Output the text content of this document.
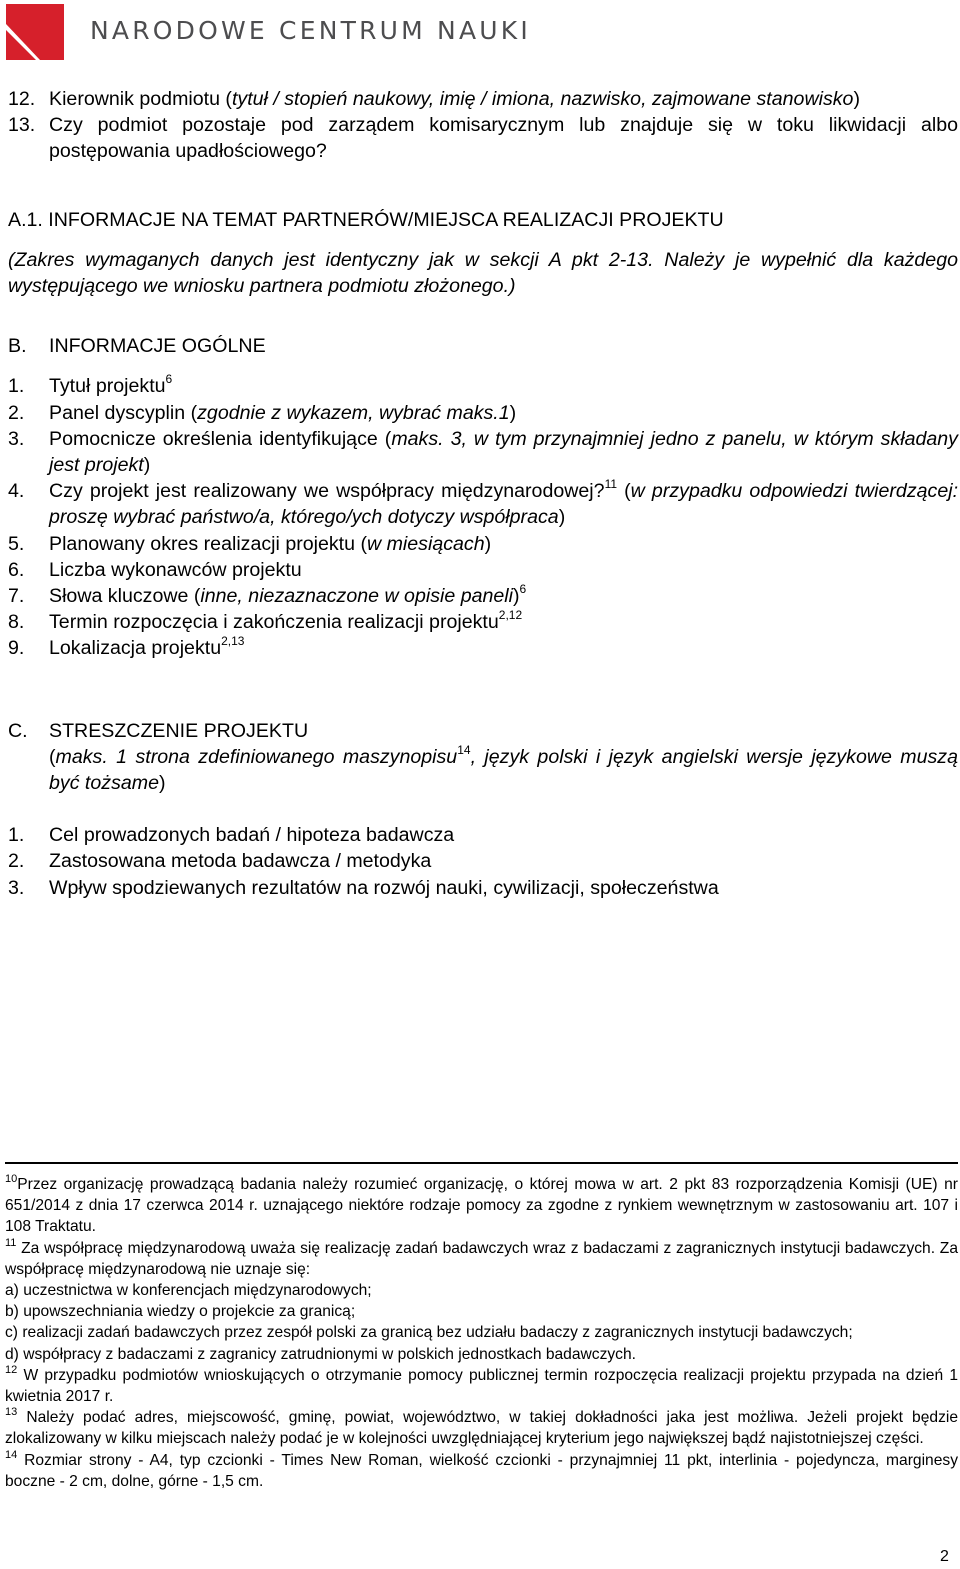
NARODOWE CENTRUM NAUKI
12. Kierownik podmiotu (tytuł / stopień naukowy, imię / imiona, nazwisko, zajmowane stanowisko)
13. Czy podmiot pozostaje pod zarządem komisarycznym lub znajduje się w toku likwidacji albo postępowania upadłościowego?
A.1. INFORMACJE NA TEMAT PARTNERÓW/MIEJSCA REALIZACJI PROJEKTU
(Zakres wymaganych danych jest identyczny jak w sekcji A pkt 2-13. Należy je wypełnić dla każdego występującego we wniosku partnera podmiotu złożonego.)
B. INFORMACJE OGÓLNE
1. Tytuł projektu$^6$
2. Panel dyscyplin (zgodnie z wykazem, wybrać maks.1)
3. Pomocnicze określenia identyfikujące (maks. 3, w tym przynajmniej jedno z panelu, w którym składany jest projekt)
4. Czy projekt jest realizowany we współpracy międzynarodowej?$^{11}$ (w przypadku odpowiedzi twierdzącej: proszę wybrać państwo/a, którego/ych dotyczy współpraca)
5. Planowany okres realizacji projektu (w miesiącach)
6. Liczba wykonawców projektu
7. Słowa kluczowe (inne, niezaznaczone w opisie paneli)$^6$
8. Termin rozpoczęcia i zakończenia realizacji projektu$^{2,12}$
9. Lokalizacja projektu$^{2,13}$
C. STRESZCZENIE PROJEKTU
(maks. 1 strona zdefiniowanego maszynopisu$^{14}$, język polski i język angielski wersje językowe muszą być tożsame)
1. Cel prowadzonych badań / hipoteza badawcza
2. Zastosowana metoda badawcza / metodyka
3. Wpływ spodziewanych rezultatów na rozwój nauki, cywilizacji, społeczeństwa
$^{10}$Przez organizację prowadzącą badania należy rozumieć organizację, o której mowa w art. 2 pkt 83 rozporządzenia Komisji (UE) nr 651/2014 z dnia 17 czerwca 2014 r. uznającego niektóre rodzaje pomocy za zgodne z rynkiem wewnętrznym w zastosowaniu art. 107 i 108 Traktatu.
$^{11}$ Za współpracę międzynarodową uważa się realizację zadań badawczych wraz z badaczami z zagranicznych instytucji badawczych. Za współpracę międzynarodową nie uznaje się:
a) uczestnictwa w konferencjach międzynarodowych;
b) upowszechniania wiedzy o projekcie za granicą;
c) realizacji zadań badawczych przez zespół polski za granicą bez udziału badaczy z zagranicznych instytucji badawczych;
d) współpracy z badaczami z zagranicy zatrudnionymi w polskich jednostkach badawczych.
$^{12}$ W przypadku podmiotów wnioskujących o otrzymanie pomocy publicznej termin rozpoczęcia realizacji projektu przypada na dzień 1 kwietnia 2017 r.
$^{13}$ Należy podać adres, miejscowość, gminę, powiat, województwo, w takiej dokładności jaka jest możliwa. Jeżeli projekt będzie zlokalizowany w kilku miejscach należy podać je w kolejności uwzględniającej kryterium jego największej bądź najistotniejszej części.
$^{14}$ Rozmiar strony - A4, typ czcionki - Times New Roman, wielkość czcionki - przynajmniej 11 pkt, interlinia - pojedyncza, marginesy boczne - 2 cm, dolne, górne - 1,5 cm.
2
